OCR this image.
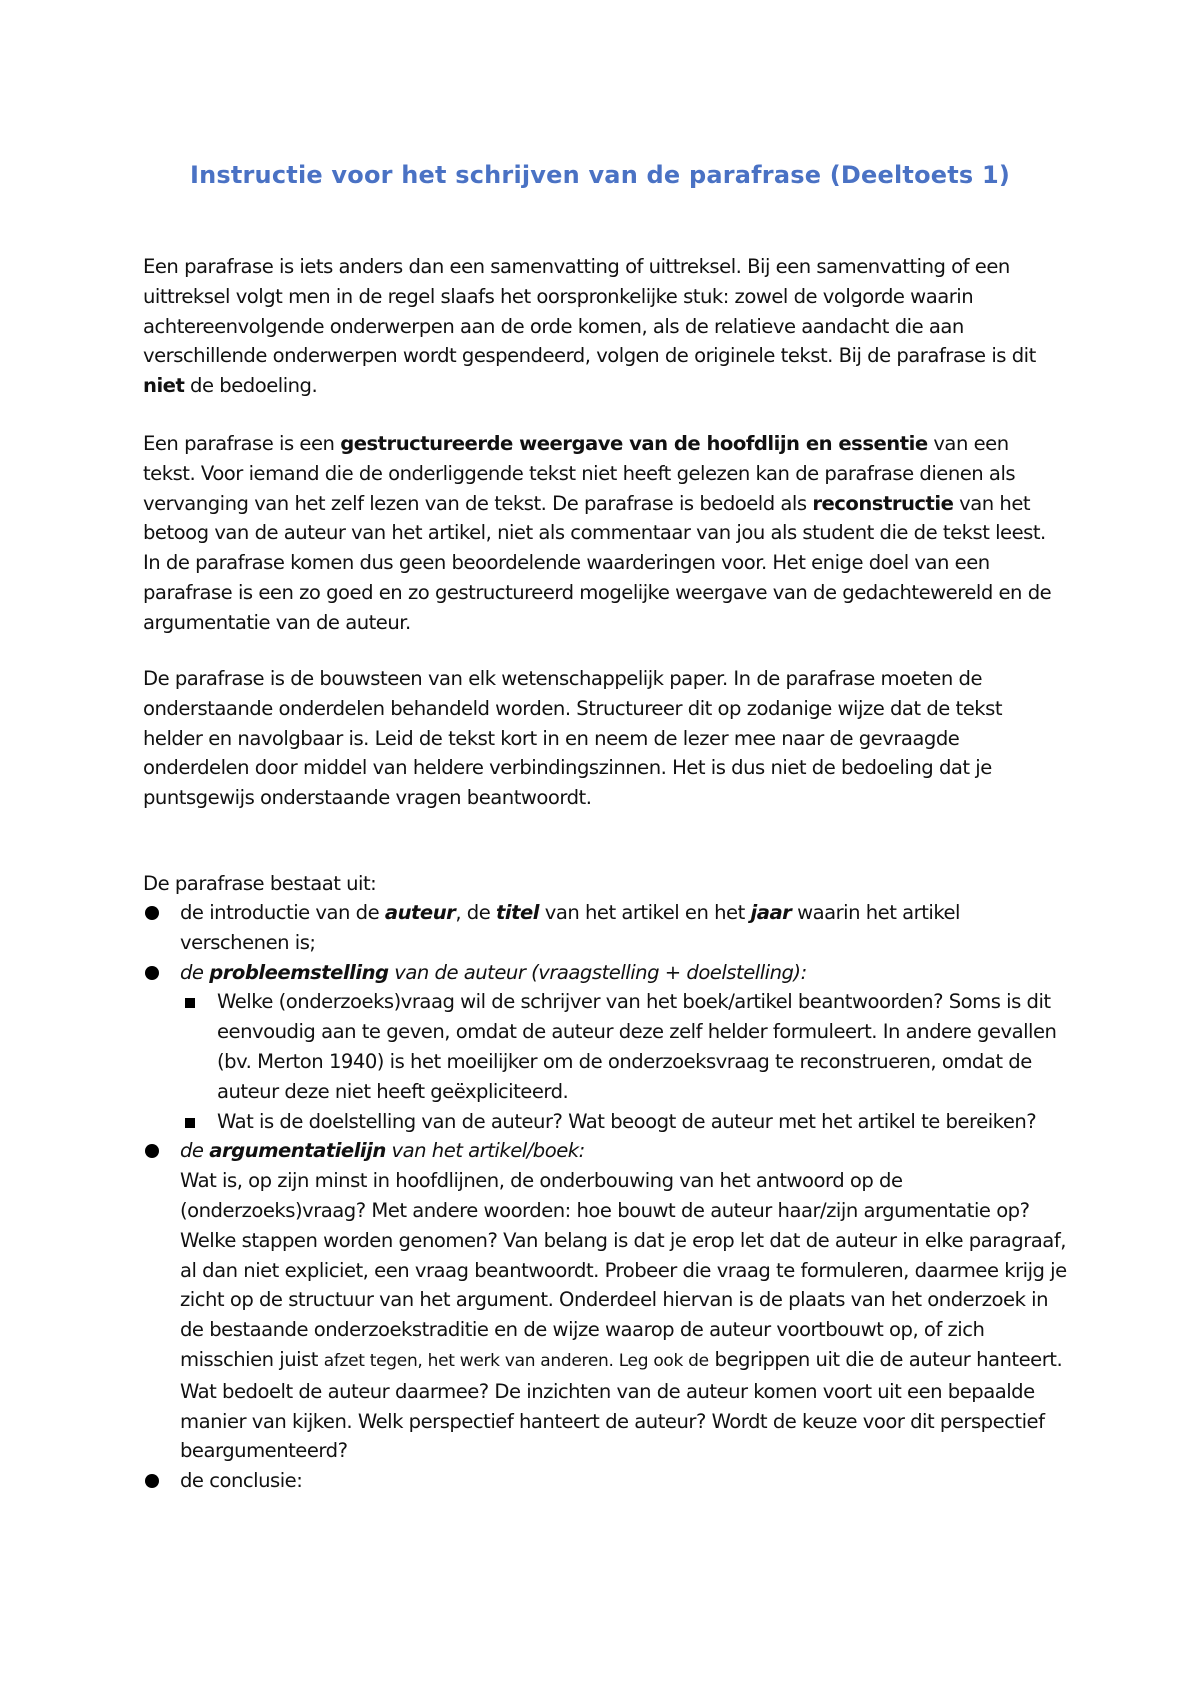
Instructie voor het schrijven van de parafrase (Deeltoets 1)

Een parafrase is iets anders dan een samenvatting of uittreksel. Bij een samenvatting of een uittreksel volgt men in de regel slaafs het oorspronkelijke stuk: zowel de volgorde waarin achtereenvolgende onderwerpen aan de orde komen, als de relatieve aandacht die aan verschillende onderwerpen wordt gespendeerd, volgen de originele tekst. Bij de parafrase is dit niet de bedoeling.

Een parafrase is een gestructureerde weergave van de hoofdlijn en essentie van een tekst. Voor iemand die de onderliggende tekst niet heeft gelezen kan de parafrase dienen als vervanging van het zelf lezen van de tekst. De parafrase is bedoeld als reconstructie van het betoog van de auteur van het artikel, niet als commentaar van jou als student die de tekst leest. In de parafrase komen dus geen beoordelende waarderingen voor. Het enige doel van een parafrase is een zo goed en zo gestructureerd mogelijke weergave van de gedachtewereld en de argumentatie van de auteur.

De parafrase is de bouwsteen van elk wetenschappelijk paper. In de parafrase moeten de onderstaande onderdelen behandeld worden. Structureer dit op zodanige wijze dat de tekst helder en navolgbaar is. Leid de tekst kort in en neem de lezer mee naar de gevraagde onderdelen door middel van heldere verbindingszinnen. Het is dus niet de bedoeling dat je puntsgewijs onderstaande vragen beantwoordt.

De parafrase bestaat uit:

de introductie van de auteur, de titel van het artikel en het jaar waarin het artikel verschenen is;
de probleemstelling van de auteur (vraagstelling + doelstelling):
Welke (onderzoeks)vraag wil de schrijver van het boek/artikel beantwoorden? Soms is dit eenvoudig aan te geven, omdat de auteur deze zelf helder formuleert. In andere gevallen (bv. Merton 1940) is het moeilijker om de onderzoeksvraag te reconstrueren, omdat de auteur deze niet heeft geëxpliciteerd.
Wat is de doelstelling van de auteur? Wat beoogt de auteur met het artikel te bereiken?
de argumentatielijn van het artikel/boek:
Wat is, op zijn minst in hoofdlijnen, de onderbouwing van het antwoord op de (onderzoeks)vraag? Met andere woorden: hoe bouwt de auteur haar/zijn argumentatie op? Welke stappen worden genomen? Van belang is dat je erop let dat de auteur in elke paragraaf, al dan niet expliciet, een vraag beantwoordt. Probeer die vraag te formuleren, daarmee krijg je zicht op de structuur van het argument. Onderdeel hiervan is de plaats van het onderzoek in de bestaande onderzoekstraditie en de wijze waarop de auteur voortbouwt op, of zich misschien juist afzet tegen, het werk van anderen. Leg ook de begrippen uit die de auteur hanteert. Wat bedoelt de auteur daarmee? De inzichten van de auteur komen voort uit een bepaalde manier van kijken. Welk perspectief hanteert de auteur? Wordt de keuze voor dit perspectief beargumenteerd?
de conclusie:
